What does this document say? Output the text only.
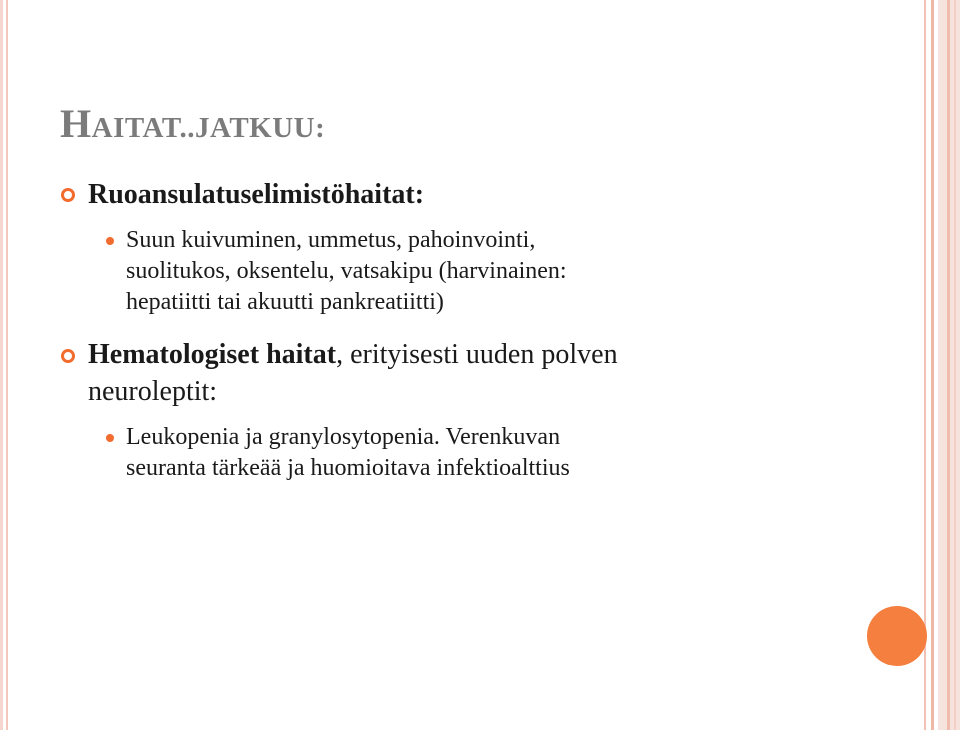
HAITAT..JATKUU:

Ruoansulatuselimistöhaitat:

Suun kuivuminen, ummetus, pahoinvointi,

suolitukos, oksentelu, vatsakipu (harvinainen:

hepatiitti tai akuutti pankreatiitti)

Hematologiset haitat, erityisesti uuden polven

neuroleptit:

Leukopenia ja granylosytopenia. Verenkuvan

seuranta tärkeää ja huomioitava infektioalttius
